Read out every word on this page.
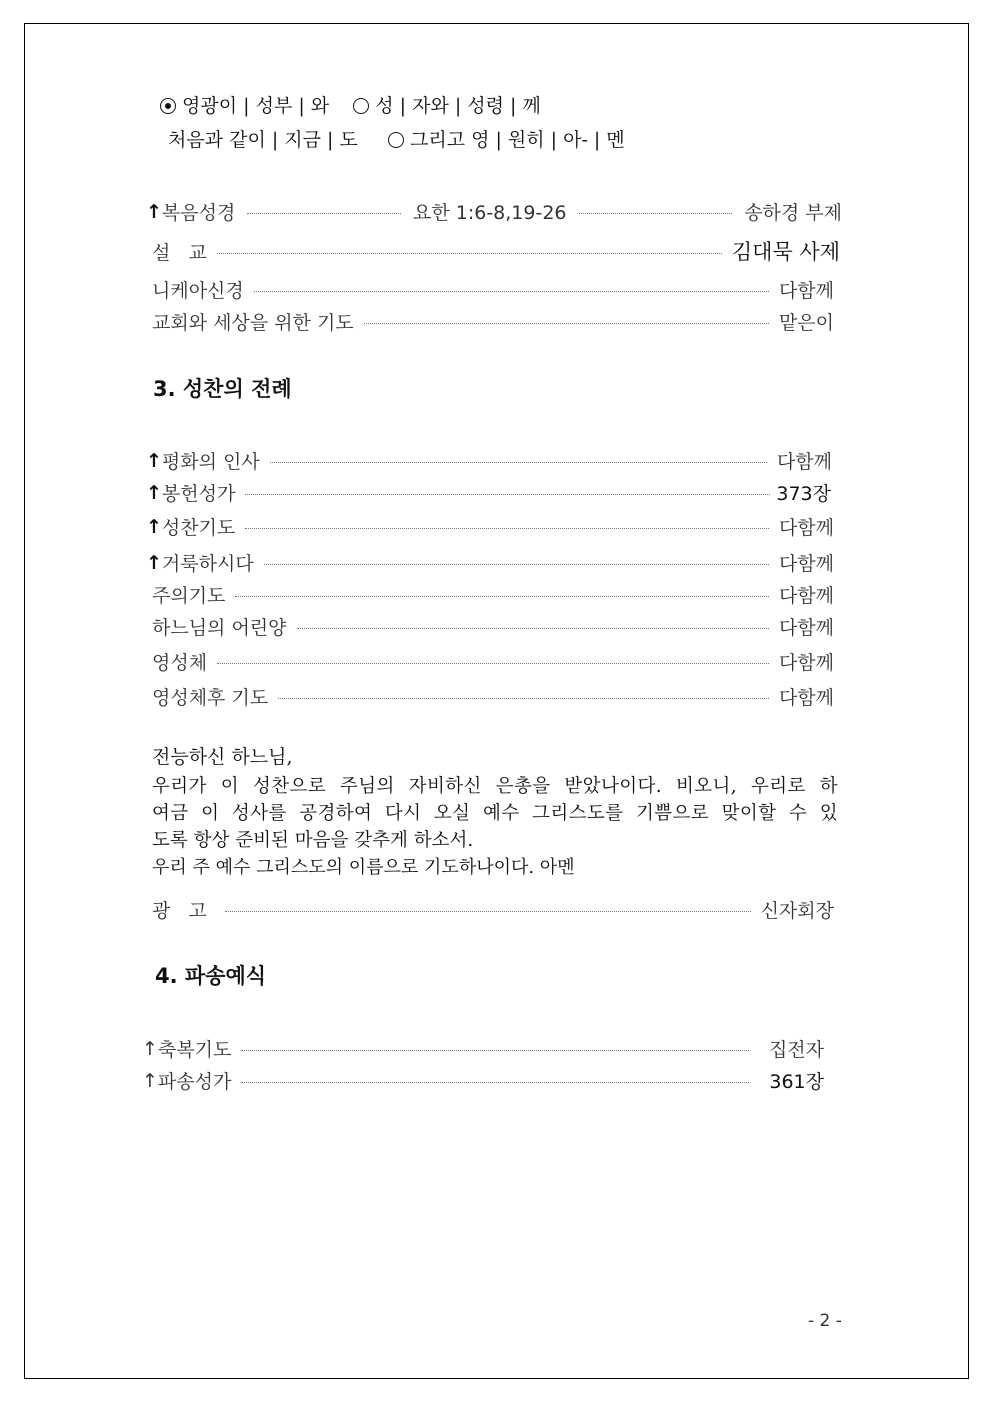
영광이 | 성부 | 와 성 | 자와 | 성령 | 께
처음과 같이 | 지금 | 도	그리고 영 | 원히 | 아- | 멘
↑ 복음성경	요한 1:6-8,19-26	송하경 부제
설   교	김대묵 사제
니케아신경	다함께
교회와 세상을 위한 기도	맡은이
3. 성찬의 전례
↑ 평화의 인사	다함께
↑ 봉헌성가	373장
↑ 성찬기도	다함께
↑ 거룩하시다	다함께
주의기도	다함께
하느님의 어린양	다함께
영성체	다함께
영성체후 기도	다함께
전능하신 하느님,
우리가 이 성찬으로 주님의 자비하신 은총을 받았나이다. 비오니, 우리로 하
여금 이 성사를 공경하여 다시 오실 예수 그리스도를 기쁨으로 맞이할 수 있
도록 항상 준비된 마음을 갖추게 하소서.
우리 주 예수 그리스도의 이름으로 기도하나이다. 아멘
광   고	신자회장
4. 파송예식
↑ 축복기도	집전자
↑ 파송성가	361장
- 2 -
